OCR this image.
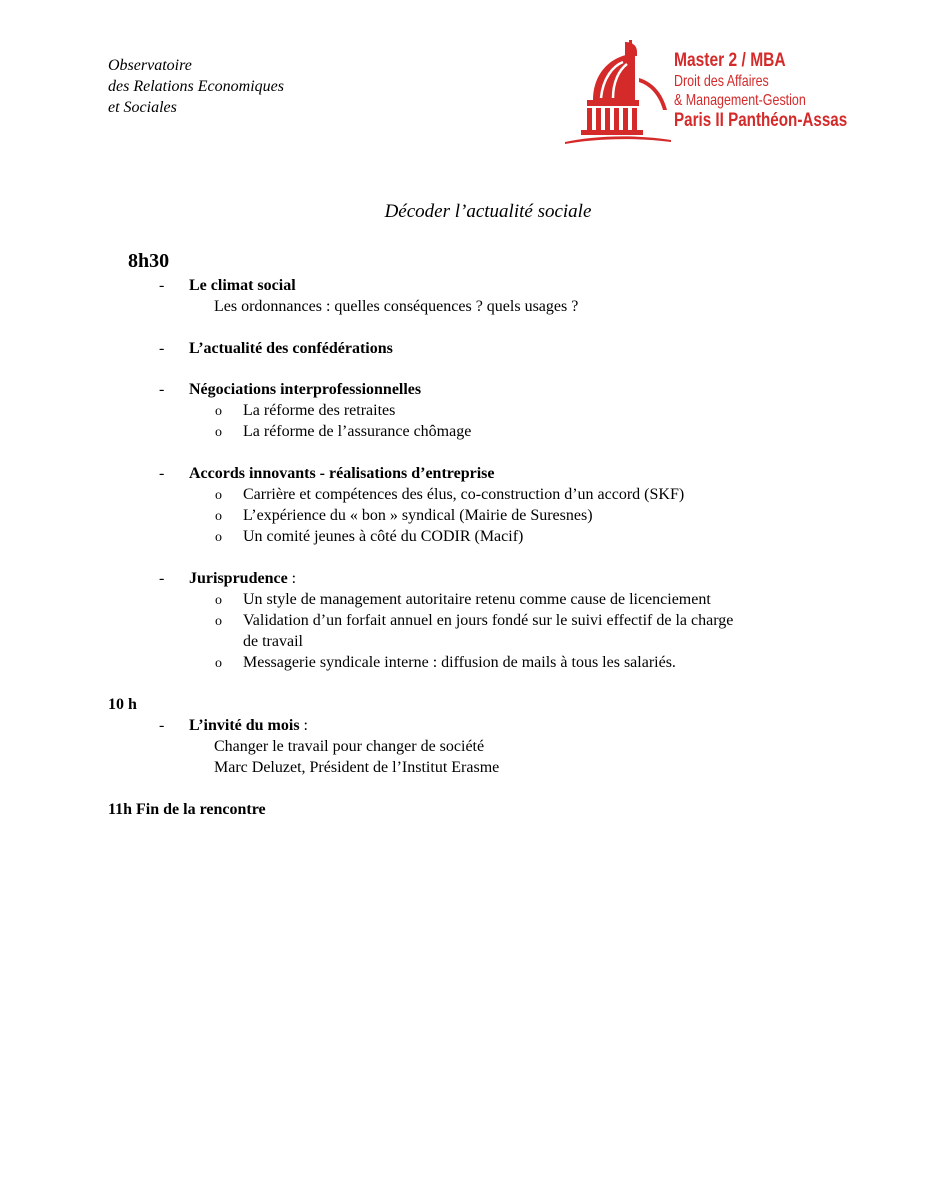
Observatoire
des Relations Economiques
et Sociales
Master 2 / MBA
Droit des Affaires
& Management-Gestion
Paris II Panthéon-Assas
Décoder l’actualité sociale
8h30
- Le climat social
Les ordonnances : quelles conséquences ? quels usages ?
- L’actualité des confédérations
- Négociations interprofessionnelles
o La réforme des retraites
o La réforme de l’assurance chômage
- Accords innovants - réalisations d’entreprise
o Carrière et compétences des élus, co-construction d’un accord (SKF)
o L’expérience du « bon » syndical (Mairie de Suresnes)
o Un comité jeunes à côté du CODIR (Macif)
- Jurisprudence :
o Un style de management autoritaire retenu comme cause de licenciement
o Validation d’un forfait annuel en jours fondé sur le suivi effectif de la charge
de travail
o Messagerie syndicale interne : diffusion de mails à tous les salariés.
10 h
- L’invité du mois :
Changer le travail pour changer de société
Marc Deluzet, Président de l’Institut Erasme
11h Fin de la rencontre
